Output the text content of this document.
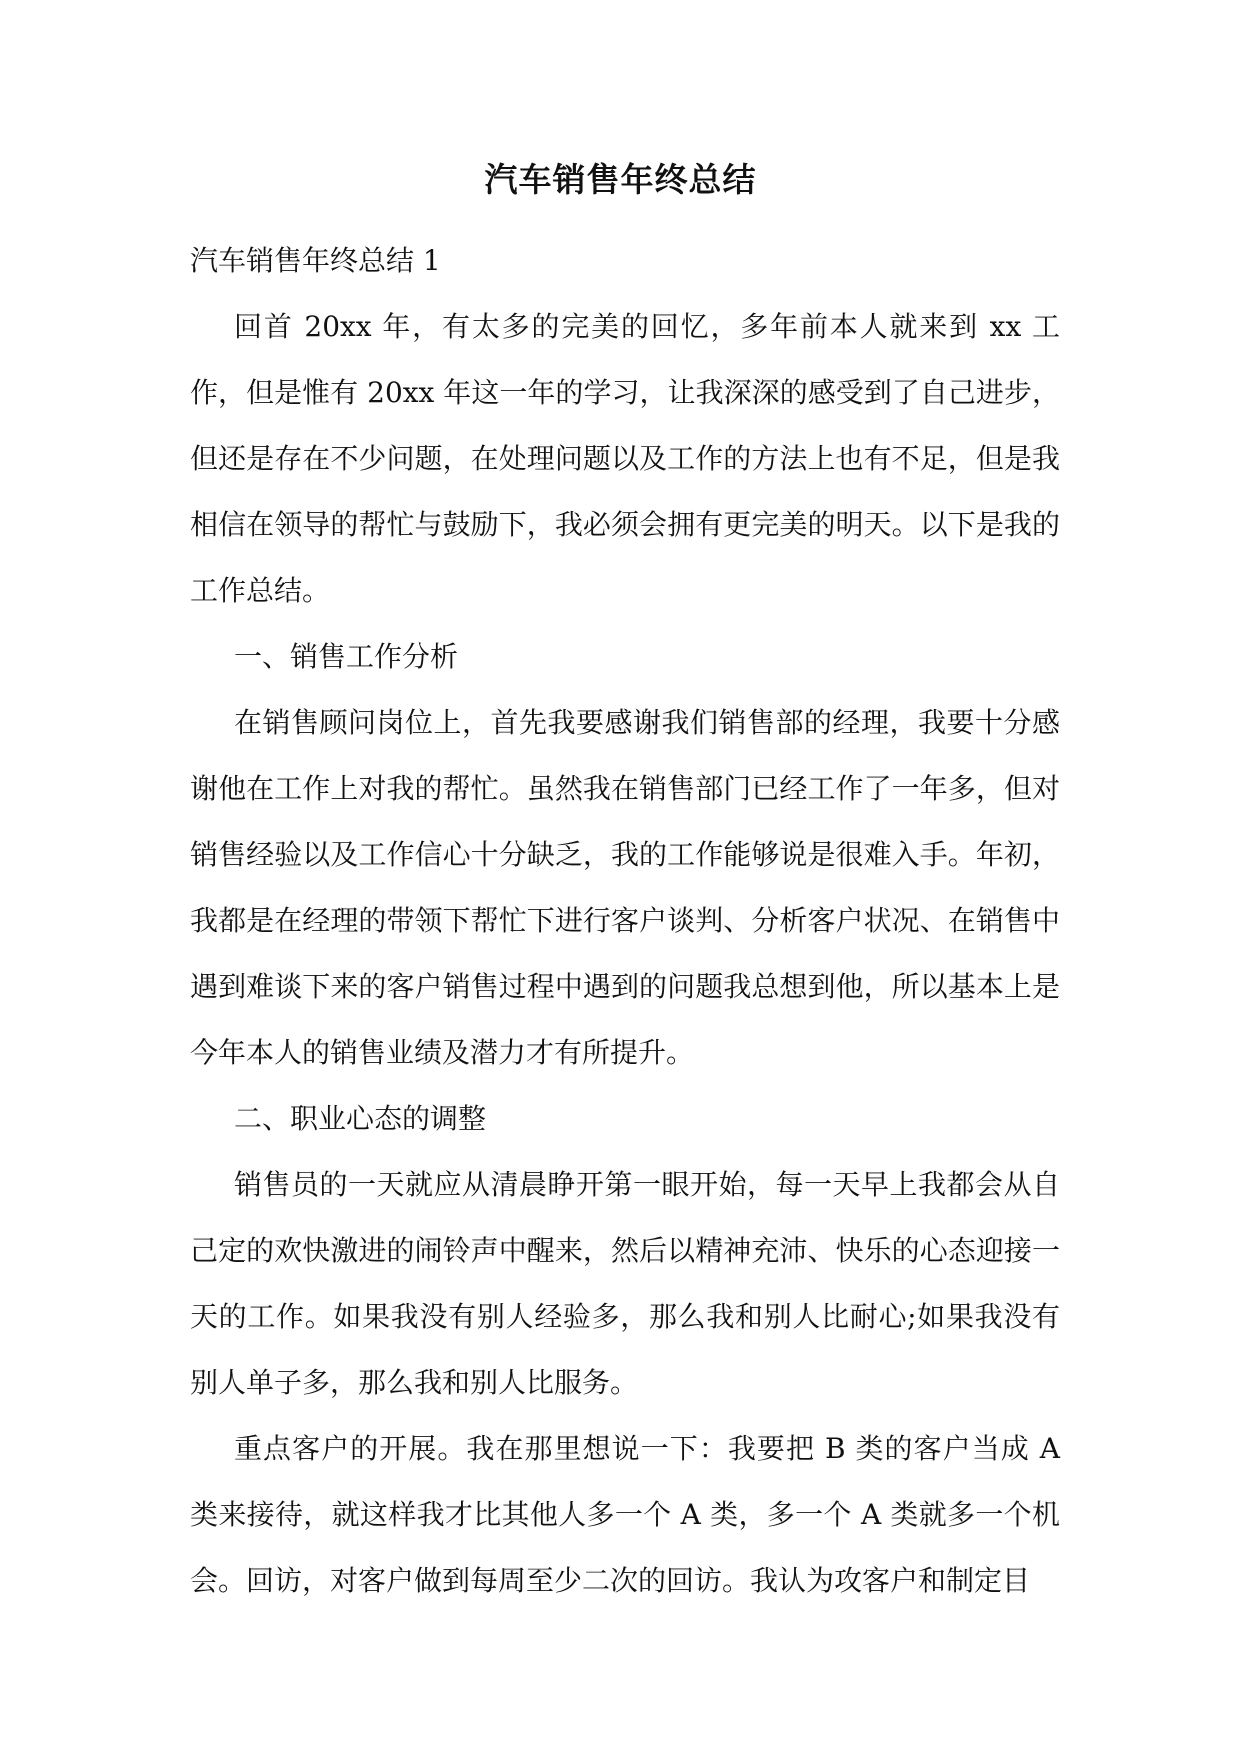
汽车销售年终总结

汽车销售年终总结 1

回首 20xx 年，有太多的完美的回忆，多年前本人就来到 xx 工作，但是惟有 20xx 年这一年的学习，让我深深的感受到了自己进步，但还是存在不少问题，在处理问题以及工作的方法上也有不足，但是我相信在领导的帮忙与鼓励下，我必须会拥有更完美的明天。以下是我的工作总结。

一、销售工作分析

在销售顾问岗位上，首先我要感谢我们销售部的经理，我要十分感谢他在工作上对我的帮忙。虽然我在销售部门已经工作了一年多，但对销售经验以及工作信心十分缺乏，我的工作能够说是很难入手。年初，我都是在经理的带领下帮忙下进行客户谈判、分析客户状况、在销售中遇到难谈下来的客户销售过程中遇到的问题我总想到他，所以基本上是今年本人的销售业绩及潜力才有所提升。

二、职业心态的调整

销售员的一天就应从清晨睁开第一眼开始，每一天早上我都会从自己定的欢快激进的闹铃声中醒来，然后以精神充沛、快乐的心态迎接一天的工作。如果我没有别人经验多，那么我和别人比耐心;如果我没有别人单子多，那么我和别人比服务。

重点客户的开展。我在那里想说一下：我要把 B 类的客户当成 A 类来接待，就这样我才比其他人多一个 A 类，多一个 A 类就多一个机会。回访，对客户做到每周至少二次的回访。我认为攻客户和制定目
